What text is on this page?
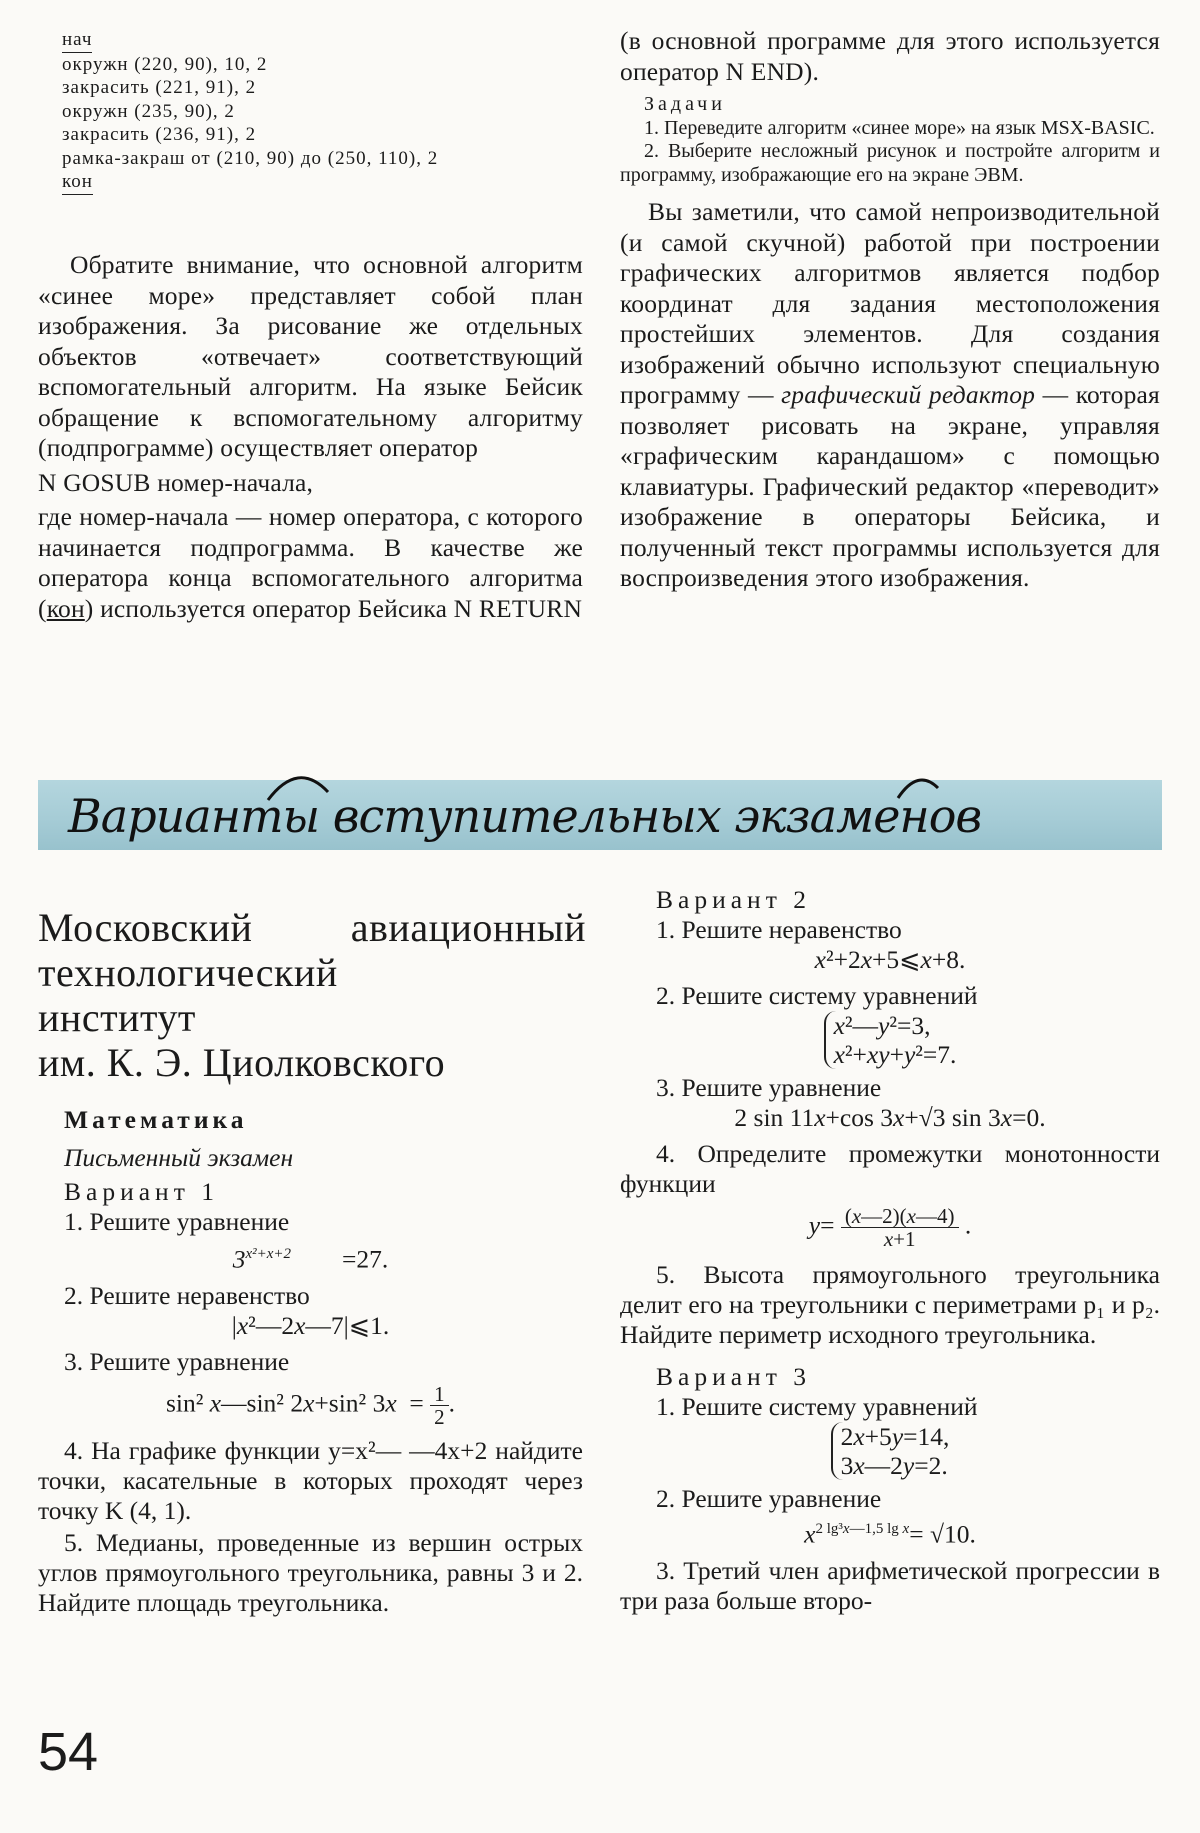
нач
окружн (220, 90), 10, 2
закрасить (221, 91), 2
окружн (235, 90), 2
закрасить (236, 91), 2
рамка-закраш от (210, 90) до (250, 110), 2
кон

Обратите внимание, что основной алгоритм «синее море» представляет собой план изображения. За рисование же отдельных объектов «отвечает» соответствующий вспомогательный алгоритм. На языке Бейсик обращение к вспомогательному алгоритму (подпрограмме) осуществляет оператор

N GOSUB номер-начала,

где номер-начала — номер оператора, с которого начинается подпрограмма. В качестве же оператора конца вспомогательного алгоритма (кон) используется оператор Бейсика N RETURN

(в основной программе для этого используется оператор N END).

Задачи

1. Переведите алгоритм «синее море» на язык MSX-BASIC.

2. Выберите несложный рисунок и постройте алгоритм и программу, изображающие его на экране ЭВМ.

Вы заметили, что самой непроизводительной (и самой скучной) работой при построении графических алгоритмов является подбор координат для задания местоположения простейших элементов. Для создания изображений обычно используют специальную программу — графический редактор — которая позволяет рисовать на экране, управляя «графическим карандашом» с помощью клавиатуры. Графический редактор «переводит» изображение в операторы Бейсика, и полученный текст программы используется для воспроизведения этого изображения.

Варианты вступительных экзаменов
Московский авиационный
технологический
институт
им. К. Э. Циолковского
Математика
Письменный экзамен
Вариант 1
1. Решите уравнение
$3^{x^2+x+2}$        =27.
2. Решите неравенство
|x²—2x—7|⩽1.
3. Решите уравнение
sin² x—sin² 2x+sin² $3x = \frac{1}{2}$ .

4. На графике функции y=x²— —4x+2 найдите точки, касательные в которых проходят через точку K (4, 1).

5. Медианы, проведенные из вершин острых углов прямоугольного треугольника, равны 3 и 2. Найдите площадь треугольника.

Вариант 2
1. Решите неравенство
x²+2x+5⩽x+8.
2. Решите систему уравнений
x²—y²=3,
x²+xy+y²=7.
3. Решите уравнение
2 sin 11x+cos 3x+√3 sin 3x=0.

4. Определите промежутки монотонности функции

$y= \frac{(x—2)(x—4)}{x+1}$ .

5. Высота прямоугольного треугольника делит его на треугольники с периметрами p₁ и p₂. Найдите периметр исходного треугольника.

Вариант 3
1. Решите систему уравнений
2x+5y=14,
3x—2y=2.
2. Решите уравнение
$x^{2 lg^3x—1,5 lg x}= √10$.

3. Третий член арифметической прогрессии в три раза больше второ-

54
